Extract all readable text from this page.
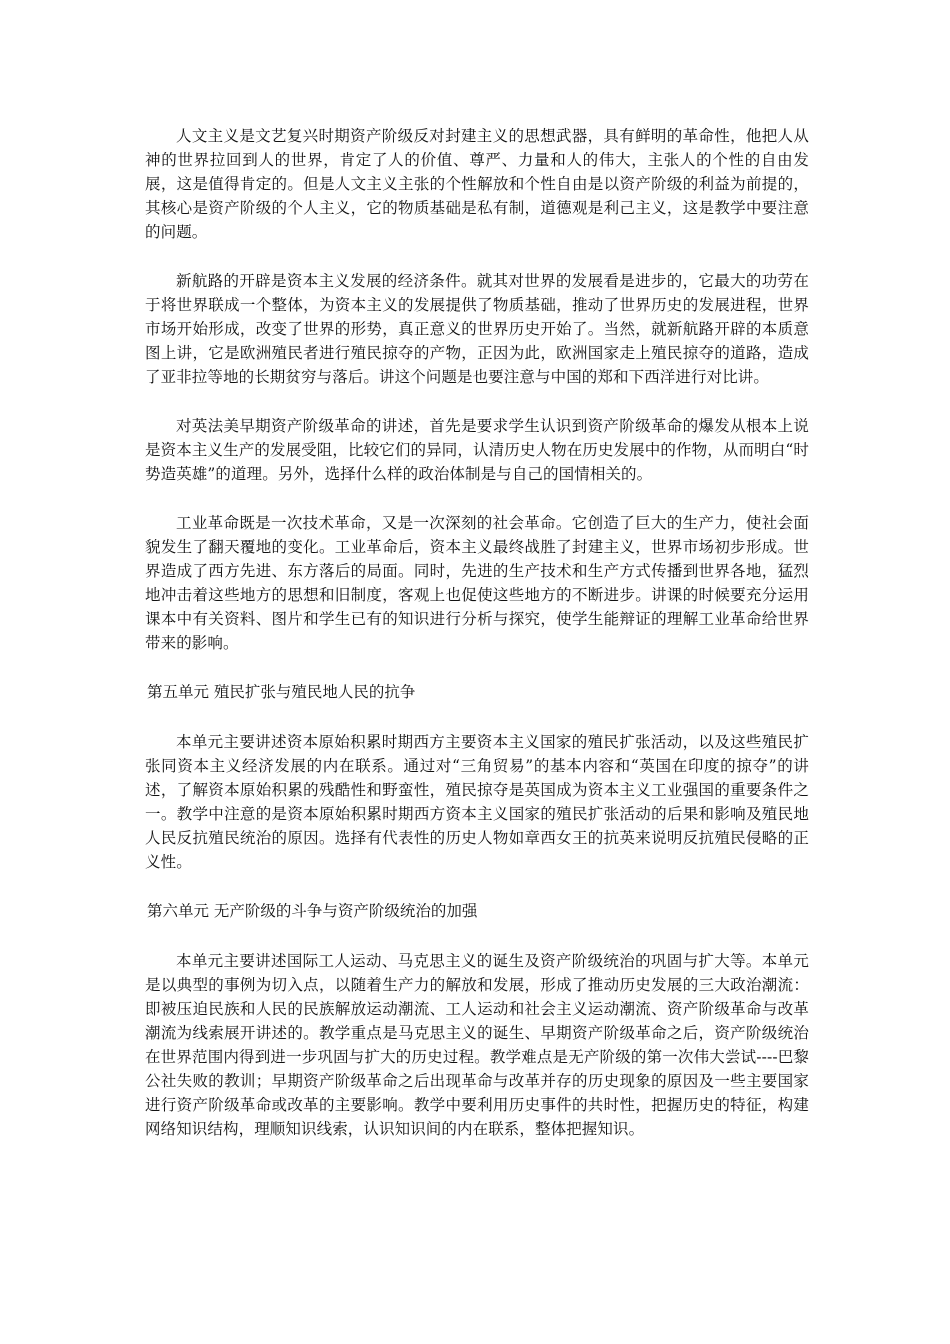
人文主义是文艺复兴时期资产阶级反对封建主义的思想武器，具有鲜明的革命性，他把人从神的世界拉回到人的世界，肯定了人的价值、尊严、力量和人的伟大，主张人的个性的自由发展，这是值得肯定的。但是人文主义主张的个性解放和个性自由是以资产阶级的利益为前提的，其核心是资产阶级的个人主义，它的物质基础是私有制，道德观是利己主义，这是教学中要注意的问题。

新航路的开辟是资本主义发展的经济条件。就其对世界的发展看是进步的，它最大的功劳在于将世界联成一个整体，为资本主义的发展提供了物质基础，推动了世界历史的发展进程，世界市场开始形成，改变了世界的形势，真正意义的世界历史开始了。当然，就新航路开辟的本质意图上讲，它是欧洲殖民者进行殖民掠夺的产物，正因为此，欧洲国家走上殖民掠夺的道路，造成了亚非拉等地的长期贫穷与落后。讲这个问题是也要注意与中国的郑和下西洋进行对比讲。

对英法美早期资产阶级革命的讲述，首先是要求学生认识到资产阶级革命的爆发从根本上说是资本主义生产的发展受阻，比较它们的异同，认清历史人物在历史发展中的作物，从而明白“时势造英雄”的道理。另外，选择什么样的政治体制是与自己的国情相关的。

工业革命既是一次技术革命，又是一次深刻的社会革命。它创造了巨大的生产力，使社会面貌发生了翻天覆地的变化。工业革命后，资本主义最终战胜了封建主义，世界市场初步形成。世界造成了西方先进、东方落后的局面。同时，先进的生产技术和生产方式传播到世界各地，猛烈地冲击着这些地方的思想和旧制度，客观上也促使这些地方的不断进步。讲课的时候要充分运用课本中有关资料、图片和学生已有的知识进行分析与探究，使学生能辩证的理解工业革命给世界带来的影响。

第五单元 殖民扩张与殖民地人民的抗争

本单元主要讲述资本原始积累时期西方主要资本主义国家的殖民扩张活动，以及这些殖民扩张同资本主义经济发展的内在联系。通过对“三角贸易”的基本内容和“英国在印度的掠夺”的讲述，了解资本原始积累的残酷性和野蛮性，殖民掠夺是英国成为资本主义工业强国的重要条件之一。教学中注意的是资本原始积累时期西方资本主义国家的殖民扩张活动的后果和影响及殖民地人民反抗殖民统治的原因。选择有代表性的历史人物如章西女王的抗英来说明反抗殖民侵略的正义性。

第六单元 无产阶级的斗争与资产阶级统治的加强

本单元主要讲述国际工人运动、马克思主义的诞生及资产阶级统治的巩固与扩大等。本单元是以典型的事例为切入点，以随着生产力的解放和发展，形成了推动历史发展的三大政治潮流：即被压迫民族和人民的民族解放运动潮流、工人运动和社会主义运动潮流、资产阶级革命与改革潮流为线索展开讲述的。教学重点是马克思主义的诞生、早期资产阶级革命之后，资产阶级统治在世界范围内得到进一步巩固与扩大的历史过程。教学难点是无产阶级的第一次伟大尝试----巴黎公社失败的教训；早期资产阶级革命之后出现革命与改革并存的历史现象的原因及一些主要国家进行资产阶级革命或改革的主要影响。教学中要利用历史事件的共时性，把握历史的特征，构建网络知识结构，理顺知识线索，认识知识间的内在联系，整体把握知识。
